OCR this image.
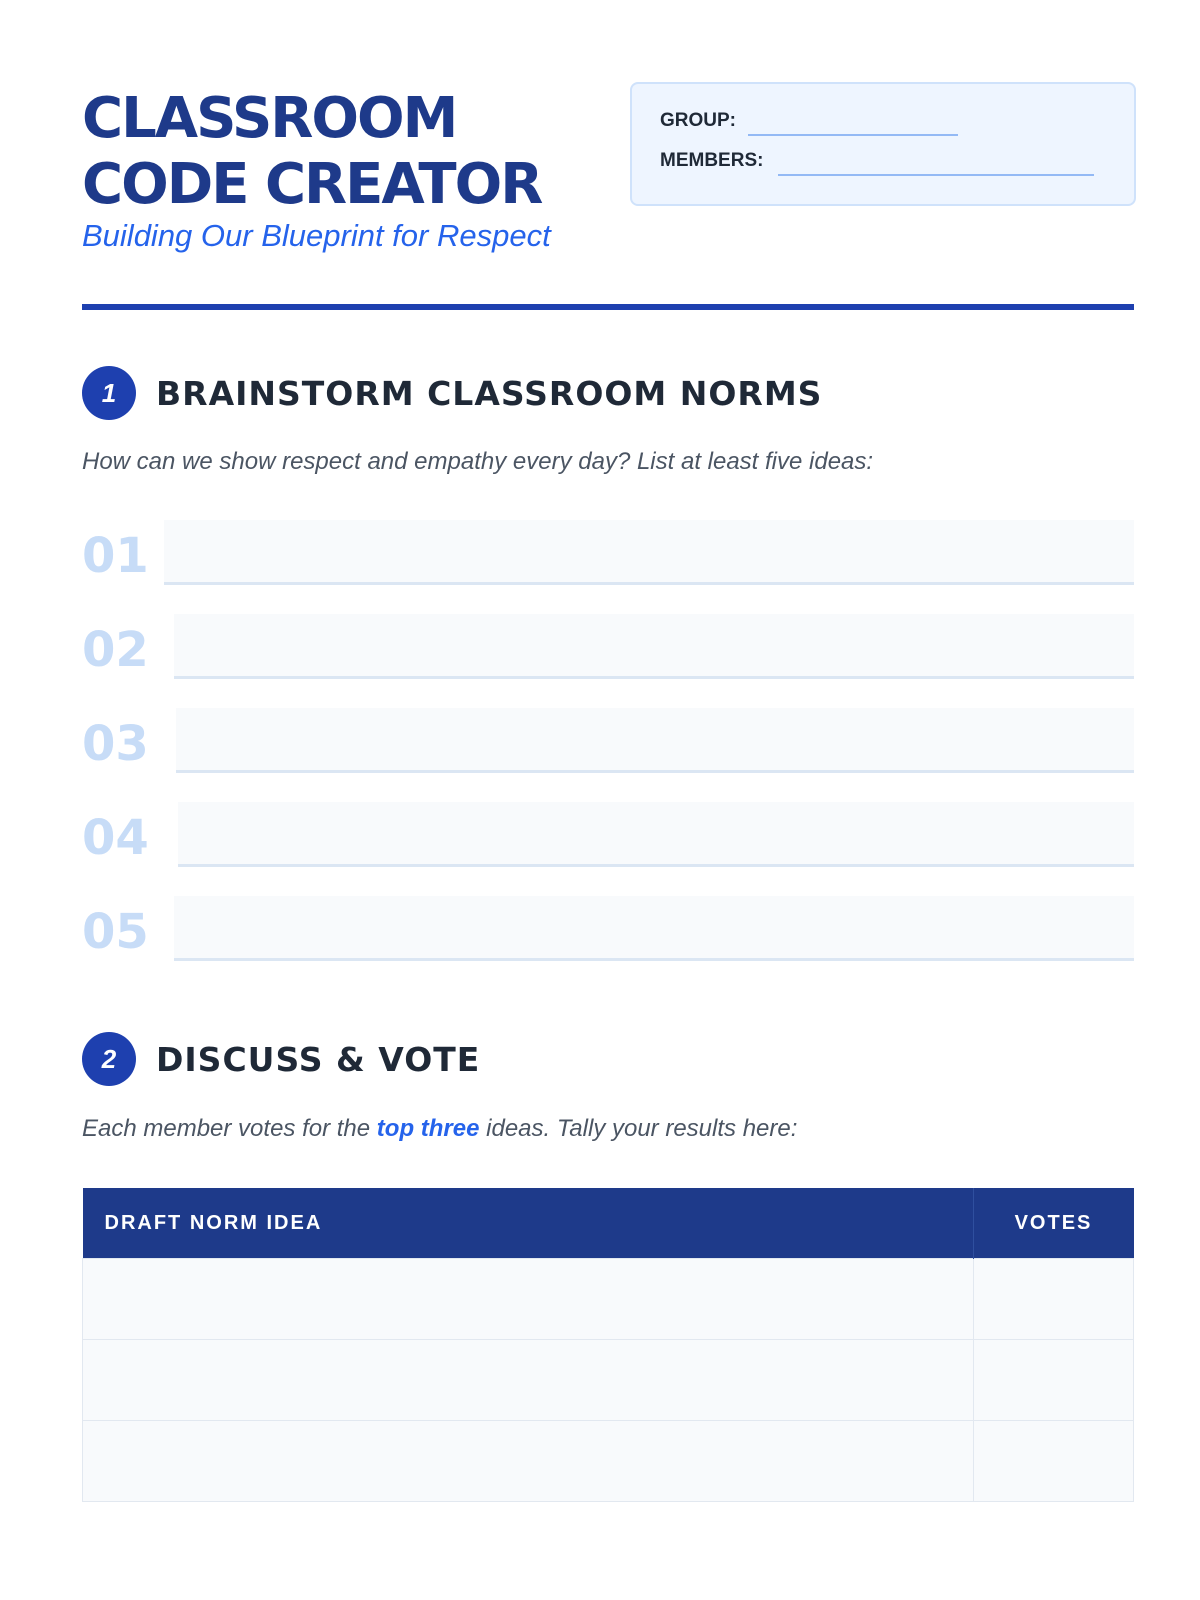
CLASSROOM
CODE CREATOR
Building Our Blueprint for Respect
GROUP:
MEMBERS:
1	BRAINSTORM CLASSROOM NORMS
How can we show respect and empathy every day? List at least five ideas:
01
02
03
04
05
2	DISCUSS & VOTE
Each member votes for the top three ideas. Tally your results here:
DRAFT NORM IDEA	VOTES
